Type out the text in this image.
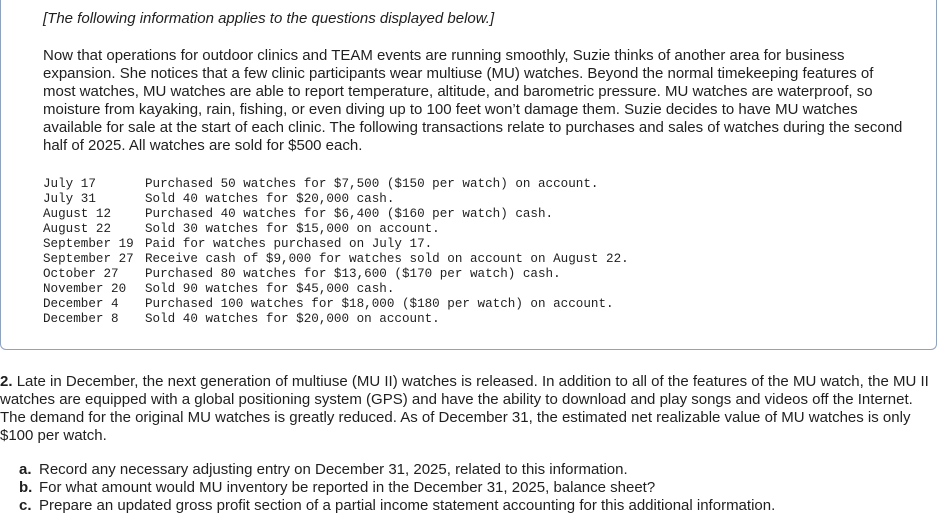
[The following information applies to the questions displayed below.]

Now that operations for outdoor clinics and TEAM events are running smoothly, Suzie thinks of another area for business expansion. She notices that a few clinic participants wear multiuse (MU) watches. Beyond the normal timekeeping features of most watches, MU watches are able to report temperature, altitude, and barometric pressure. MU watches are waterproof, so moisture from kayaking, rain, fishing, or even diving up to 100 feet won’t damage them. Suzie decides to have MU watches available for sale at the start of each clinic. The following transactions relate to purchases and sales of watches during the second half of 2025. All watches are sold for $500 each.

July 17	Purchased 50 watches for $7,500 ($150 per watch) on account.
July 31	Sold 40 watches for $20,000 cash.
August 12	Purchased 40 watches for $6,400 ($160 per watch) cash.
August 22	Sold 30 watches for $15,000 on account.
September 19	Paid for watches purchased on July 17.
September 27	Receive cash of $9,000 for watches sold on account on August 22.
October 27	Purchased 80 watches for $13,600 ($170 per watch) cash.
November 20	Sold 90 watches for $45,000 cash.
December 4	Purchased 100 watches for $18,000 ($180 per watch) on account.
December 8	Sold 40 watches for $20,000 on account.

2. Late in December, the next generation of multiuse (MU II) watches is released. In addition to all of the features of the MU watch, the MU II watches are equipped with a global positioning system (GPS) and have the ability to download and play songs and videos off the Internet. The demand for the original MU watches is greatly reduced. As of December 31, the estimated net realizable value of MU watches is only $100 per watch.

a. Record any necessary adjusting entry on December 31, 2025, related to this information.
b. For what amount would MU inventory be reported in the December 31, 2025, balance sheet?
c. Prepare an updated gross profit section of a partial income statement accounting for this additional information.
